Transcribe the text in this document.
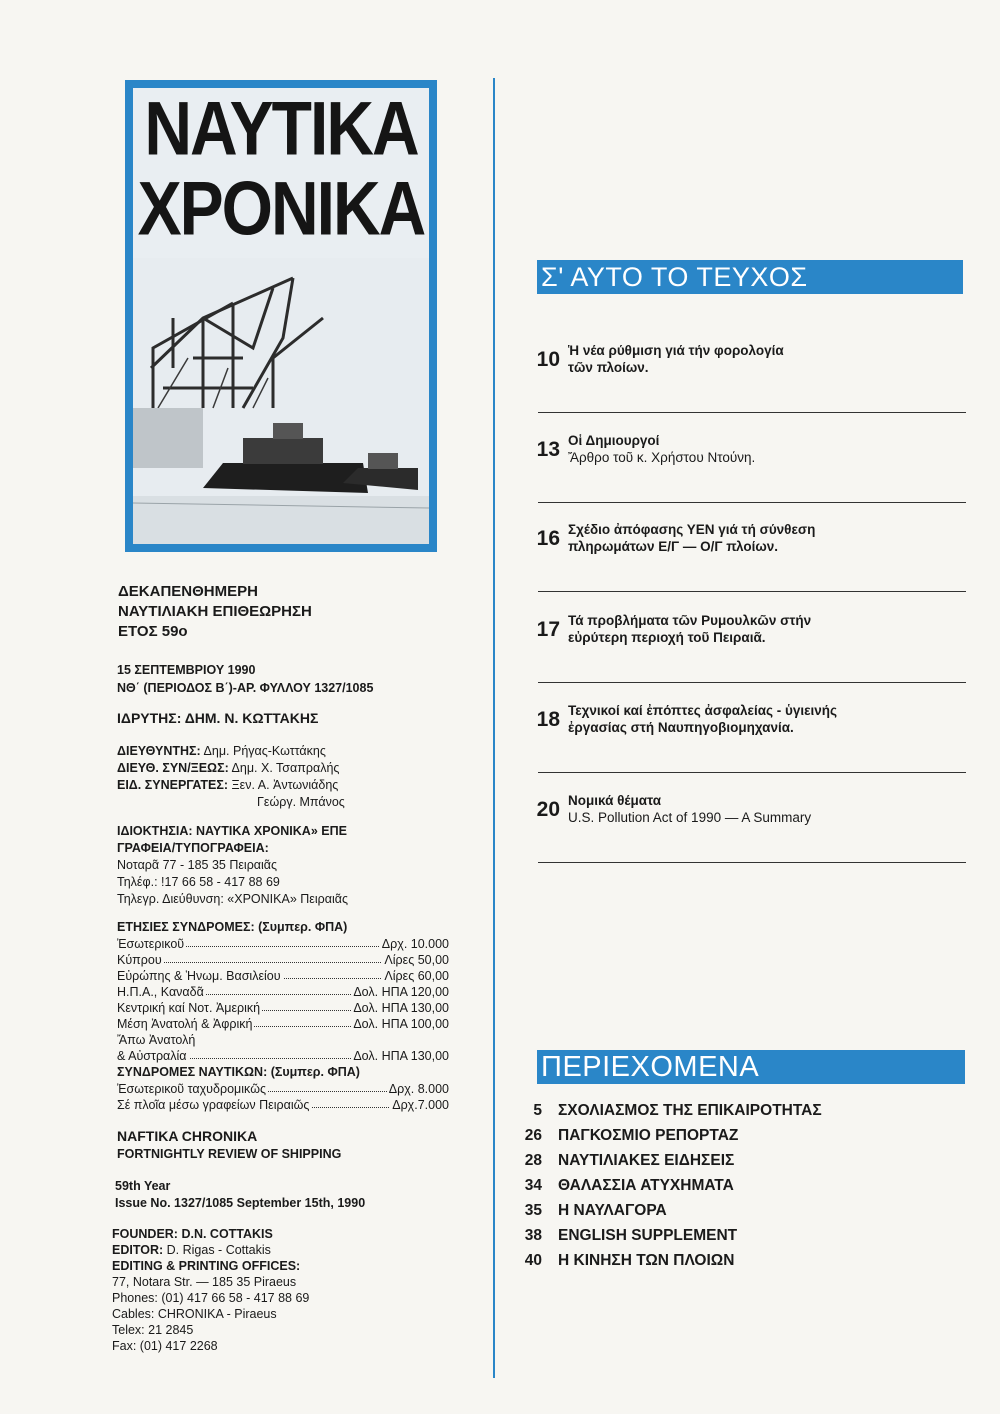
ΝΑΥΤΙΚΑ
ΧΡΟΝΙΚΑ
ΔΕΚΑΠΕΝΘΗΜΕΡΗ
ΝΑΥΤΙΛΙΑΚΗ ΕΠΙΘΕΩΡΗΣΗ
ΕΤΟΣ 59ο
15 ΣΕΠΤΕΜΒΡΙΟΥ 1990
ΝΘ΄ (ΠΕΡΙΟΔΟΣ Β΄)-ΑΡ. ΦΥΛΛΟΥ 1327/1085
ΙΔΡΥΤΗΣ: ΔΗΜ. Ν. ΚΩΤΤΑΚΗΣ
ΔΙΕΥΘΥΝΤΗΣ: Δημ. Ρήγας-Κωττάκης
ΔΙΕΥΘ. ΣΥΝ/ΞΕΩΣ: Δημ. Χ. Τσαπραλής
ΕΙΔ. ΣΥΝΕΡΓΑΤΕΣ: Ξεν. Α. Ἀντωνιάδης
Γεώργ. Μπάνος
ΙΔΙΟΚΤΗΣΙΑ: ΝΑΥΤΙΚΑ ΧΡΟΝΙΚΑ» ΕΠΕ
ΓΡΑΦΕΙΑ/ΤΥΠΟΓΡΑΦΕΙΑ:
Νοταρᾶ 77 - 185 35 Πειραιᾶς
Τηλέφ.: !17 66 58 - 417 88 69
Τηλεγρ. Διεύθυνση: «ΧΡΟΝΙΚΑ» Πειραιᾶς
ΕΤΗΣΙΕΣ ΣΥΝΔΡΟΜΕΣ: (Συμπερ. ΦΠΑ)
Ἐσωτερικοῦ	Δρχ. 10.000
Κύπρου	Λίρες 50,00
Εὐρώπης & Ἡνωμ. Βασιλείου	Λίρες 60,00
Η.Π.Α., Καναδᾶ	Δολ. ΗΠΑ 120,00
Κεντρική καί Νοτ. Ἀμερική	Δολ. ΗΠΑ 130,00
Μέση Ἀνατολή & Ἀφρική	Δολ. ΗΠΑ 100,00
Ἄπω Ἀνατολή
& Αὐστραλία	Δολ. ΗΠΑ 130,00
ΣΥΝΔΡΟΜΕΣ ΝΑΥΤΙΚΩΝ: (Συμπερ. ΦΠΑ)
Ἐσωτερικοῦ ταχυδρομικῶς	Δρχ. 8.000
Σέ πλοῖα μέσω γραφείων Πειραιῶς	Δρχ.7.000
NAFTIKA CHRONIKA
FORTNIGHTLY REVIEW OF SHIPPING
59th Year
Issue No. 1327/1085 September 15th, 1990
FOUNDER: D.N. COTTAKIS
EDITOR: D. Rigas - Cottakis
EDITING & PRINTING OFFICES:
77, Notara Str. — 185 35 Piraeus
Phones: (01) 417 66 58 - 417 88 69
Cables: CHRONIKA - Piraeus
Telex: 21 2845
Fax: (01) 417 2268
Σ' ΑΥΤΟ ΤΟ ΤΕΥΧΟΣ
10 Ἡ νέα ρύθμιση γιά τήν φορολογία
τῶν πλοίων.
13 Οἱ Δημιουργοί
Ἄρθρο τοῦ κ. Χρήστου Ντούνη.
16 Σχέδιο ἀπόφασης ΥΕΝ γιά τή σύνθεση
πληρωμάτων Ε/Γ — Ο/Γ πλοίων.
17 Τά προβλήματα τῶν Ρυμουλκῶν στήν
εὐρύτερη περιοχή τοῦ Πειραιᾶ.
18 Τεχνικοί καί ἐπόπτες ἀσφαλείας - ὑγιεινής
ἐργασίας στή Ναυπηγοβιομηχανία.
20 Νομικά θέματα
U.S. Pollution Act of 1990 — A Summary
ΠΕΡΙΕΧΟΜΕΝΑ
5 ΣΧΟΛΙΑΣΜΟΣ ΤΗΣ ΕΠΙΚΑΙΡΟΤΗΤΑΣ
26 ΠΑΓΚΟΣΜΙΟ ΡΕΠΟΡΤΑΖ
28 ΝΑΥΤΙΛΙΑΚΕΣ ΕΙΔΗΣΕΙΣ
34 ΘΑΛΑΣΣΙΑ ΑΤΥΧΗΜΑΤΑ
35 Η ΝΑΥΛΑΓΟΡΑ
38 ENGLISH SUPPLEMENT
40 Η ΚΙΝΗΣΗ ΤΩΝ ΠΛΟΙΩΝ
